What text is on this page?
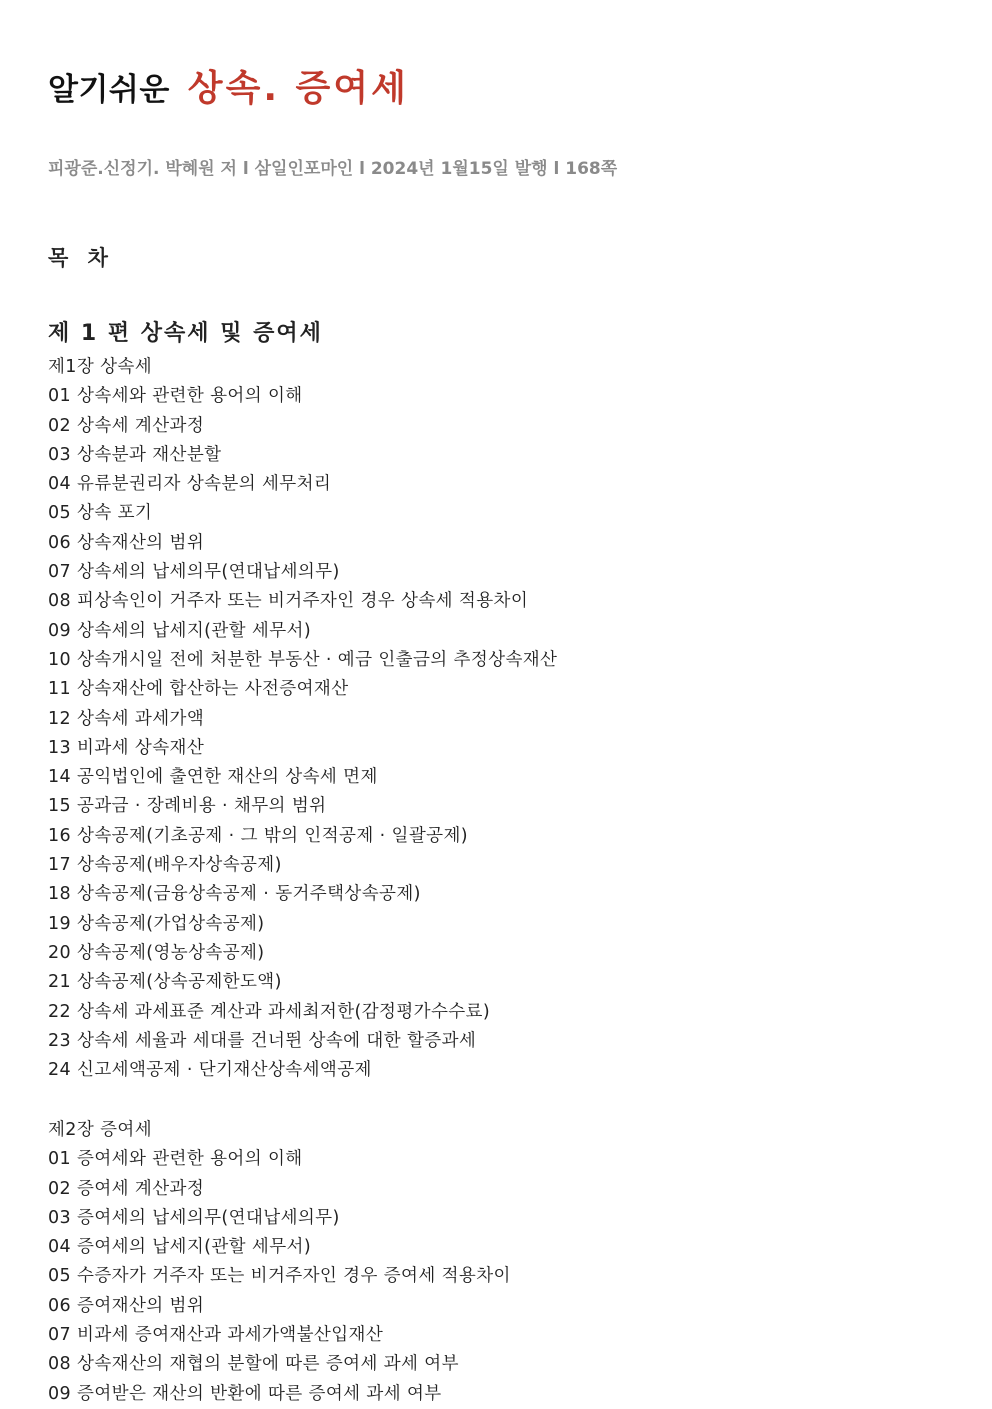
알기쉬운 상속. 증여세
피광준.신정기. 박혜원 저 l 삼일인포마인 l 2024년 1월15일 발행 l 168쪽
목 차
제 1 편 상속세 및 증여세
제1장 상속세
01 상속세와 관련한 용어의 이해
02 상속세 계산과정
03 상속분과 재산분할
04 유류분권리자 상속분의 세무처리
05 상속 포기
06 상속재산의 범위
07 상속세의 납세의무(연대납세의무)
08 피상속인이 거주자 또는 비거주자인 경우 상속세 적용차이
09 상속세의 납세지(관할 세무서)
10 상속개시일 전에 처분한 부동산 · 예금 인출금의 추정상속재산
11 상속재산에 합산하는 사전증여재산
12 상속세 과세가액
13 비과세 상속재산
14 공익법인에 출연한 재산의 상속세 면제
15 공과금 · 장례비용 · 채무의 범위
16 상속공제(기초공제 · 그 밖의 인적공제 · 일괄공제)
17 상속공제(배우자상속공제)
18 상속공제(금융상속공제 · 동거주택상속공제)
19 상속공제(가업상속공제)
20 상속공제(영농상속공제)
21 상속공제(상속공제한도액)
22 상속세 과세표준 계산과 과세최저한(감정평가수수료)
23 상속세 세율과 세대를 건너뛴 상속에 대한 할증과세
24 신고세액공제 · 단기재산상속세액공제
제2장 증여세
01 증여세와 관련한 용어의 이해
02 증여세 계산과정
03 증여세의 납세의무(연대납세의무)
04 증여세의 납세지(관할 세무서)
05 수증자가 거주자 또는 비거주자인 경우 증여세 적용차이
06 증여재산의 범위
07 비과세 증여재산과 과세가액불산입재산
08 상속재산의 재협의 분할에 따른 증여세 과세 여부
09 증여받은 재산의 반환에 따른 증여세 과세 여부
